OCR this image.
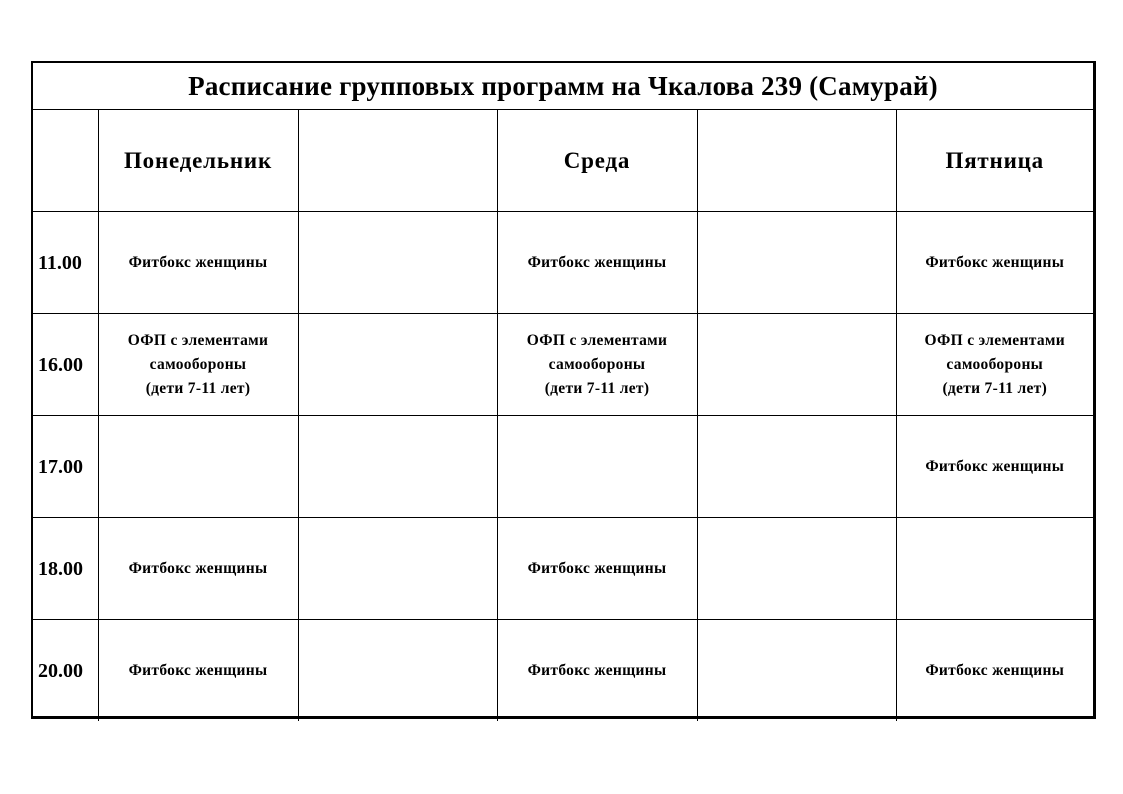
Расписание групповых программ на Чкалова 239 (Самурай)					
	Понедельник		Среда		Пятница
11.00	Фитбокс женщины		Фитбокс женщины		Фитбокс женщины

16.00	ОФП с элементами
самообороны
(дети 7-11 лет)		ОФП с элементами
самообороны
(дети 7-11 лет)		ОФП с элементами
самообороны
(дети 7-11 лет)

17.00					Фитбокс женщины

18.00	Фитбокс женщины		Фитбокс женщины		

20.00	Фитбокс женщины		Фитбокс женщины		Фитбокс женщины
